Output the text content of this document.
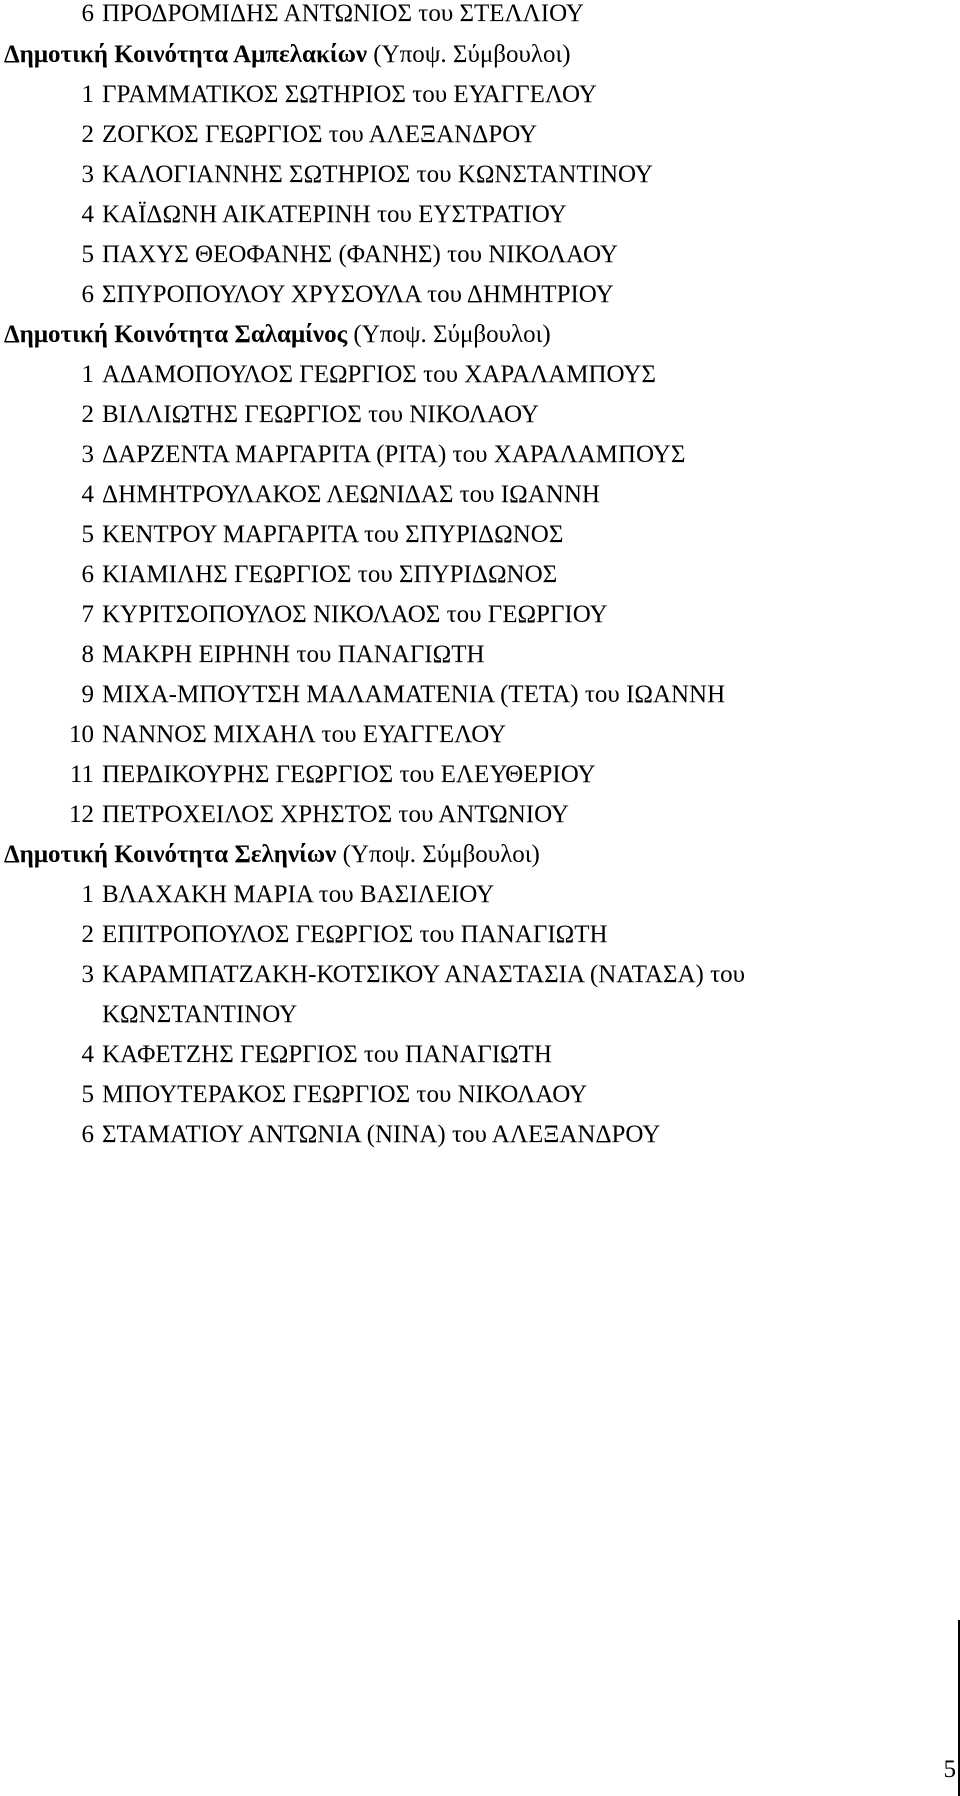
6 ΠΡΟΔΡΟΜΙΔΗΣ ΑΝΤΩΝΙΟΣ του ΣΤΕΛΛΙΟΥ
Δημοτική Κοινότητα Αμπελακίων (Υποψ. Σύμβουλοι)
1 ΓΡΑΜΜΑΤΙΚΟΣ ΣΩΤΗΡΙΟΣ του ΕΥΑΓΓΕΛΟΥ
2 ΖΟΓΚΟΣ ΓΕΩΡΓΙΟΣ του ΑΛΕΞΑΝΔΡΟΥ
3 ΚΑΛΟΓΙΑΝΝΗΣ ΣΩΤΗΡΙΟΣ του ΚΩΝΣΤΑΝΤΙΝΟΥ
4 ΚΑΪΔΩΝΗ ΑΙΚΑΤΕΡΙΝΗ του ΕΥΣΤΡΑΤΙΟΥ
5 ΠΑΧΥΣ ΘΕΟΦΑΝΗΣ (ΦΑΝΗΣ) του ΝΙΚΟΛΑΟΥ
6 ΣΠΥΡΟΠΟΥΛΟΥ ΧΡΥΣΟΥΛΑ του ΔΗΜΗΤΡΙΟΥ
Δημοτική Κοινότητα Σαλαμίνος (Υποψ. Σύμβουλοι)
1 ΑΔΑΜΟΠΟΥΛΟΣ ΓΕΩΡΓΙΟΣ του ΧΑΡΑΛΑΜΠΟΥΣ
2 ΒΙΛΛΙΩΤΗΣ ΓΕΩΡΓΙΟΣ του ΝΙΚΟΛΑΟΥ
3 ΔΑΡΖΕΝΤΑ ΜΑΡΓΑΡΙΤΑ (ΡΙΤΑ) του ΧΑΡΑΛΑΜΠΟΥΣ
4 ΔΗΜΗΤΡΟΥΛΑΚΟΣ ΛΕΩΝΙΔΑΣ του ΙΩΑΝΝΗ
5 ΚΕΝΤΡΟΥ ΜΑΡΓΑΡΙΤΑ του ΣΠΥΡΙΔΩΝΟΣ
6 ΚΙΑΜΙΛΗΣ ΓΕΩΡΓΙΟΣ του ΣΠΥΡΙΔΩΝΟΣ
7 ΚΥΡΙΤΣΟΠΟΥΛΟΣ ΝΙΚΟΛΑΟΣ του ΓΕΩΡΓΙΟΥ
8 ΜΑΚΡΗ ΕΙΡΗΝΗ του ΠΑΝΑΓΙΩΤΗ
9 ΜΙΧΑ-ΜΠΟΥΤΣΗ ΜΑΛΑΜΑΤΕΝΙΑ (ΤΕΤΑ) του ΙΩΑΝΝΗ
10 ΝΑΝΝΟΣ ΜΙΧΑΗΛ του ΕΥΑΓΓΕΛΟΥ
11 ΠΕΡΔΙΚΟΥΡΗΣ ΓΕΩΡΓΙΟΣ του ΕΛΕΥΘΕΡΙΟΥ
12 ΠΕΤΡΟΧΕΙΛΟΣ ΧΡΗΣΤΟΣ του ΑΝΤΩΝΙΟΥ
Δημοτική Κοινότητα Σεληνίων (Υποψ. Σύμβουλοι)
1 ΒΛΑΧΑΚΗ ΜΑΡΙΑ του ΒΑΣΙΛΕΙΟΥ
2 ΕΠΙΤΡΟΠΟΥΛΟΣ ΓΕΩΡΓΙΟΣ του ΠΑΝΑΓΙΩΤΗ
3 ΚΑΡΑΜΠΑΤΖΑΚΗ-ΚΟΤΣΙΚΟΥ ΑΝΑΣΤΑΣΙΑ (ΝΑΤΑΣΑ) του
ΚΩΝΣΤΑΝΤΙΝΟΥ
4 ΚΑΦΕΤΖΗΣ ΓΕΩΡΓΙΟΣ του ΠΑΝΑΓΙΩΤΗ
5 ΜΠΟΥΤΕΡΑΚΟΣ ΓΕΩΡΓΙΟΣ του ΝΙΚΟΛΑΟΥ
6 ΣΤΑΜΑΤΙΟΥ ΑΝΤΩΝΙΑ (ΝΙΝΑ) του ΑΛΕΞΑΝΔΡΟΥ
5
